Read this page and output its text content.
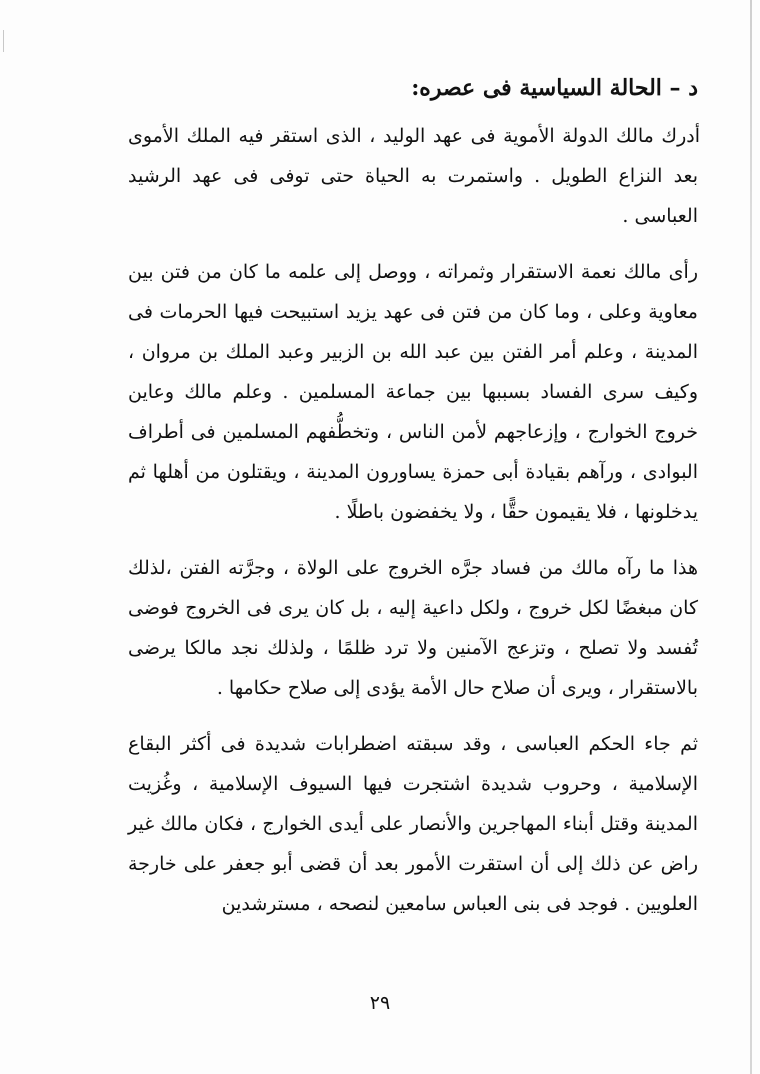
د – الحالة السياسية فى عصره:

أدرك مالك الدولة الأموية فى عهد الوليد ، الذى استقر فيه الملك الأموى بعد النزاع الطويل . واستمرت به الحياة حتى توفى فى عهد الرشيد العباسى .

رأى مالك نعمة الاستقرار وثمراته ، ووصل إلى علمه ما كان من فتن بين معاوية وعلى ، وما كان من فتن فى عهد يزيد استبيحت فيها الحرمات فى المدينة ، وعلم أمر الفتن بين عبد الله بن الزبير وعبد الملك بن مروان ، وكيف سرى الفساد بسببها بين جماعة المسلمين . وعلم مالك وعاين خروج الخوارج ، وإزعاجهم لأمن الناس ، وتخطُّفهم المسلمين فى أطراف البوادى ، ورآهم بقيادة أبى حمزة يساورون المدينة ، ويقتلون من أهلها ثم يدخلونها ، فلا يقيمون حقًّا ، ولا يخفضون باطلًا .

هذا ما رآه مالك من فساد جرَّه الخروج على الولاة ، وجرَّته الفتن ،لذلك كان مبغضًا لكل خروج ، ولكل داعية إليه ، بل كان يرى فى الخروج فوضى تُفسد ولا تصلح ، وتزعج الآمنين ولا ترد ظلمًا ، ولذلك نجد مالكا يرضى بالاستقرار ، ويرى أن صلاح حال الأمة يؤدى إلى صلاح حكامها .

ثم جاء الحكم العباسى ، وقد سبقته اضطرابات شديدة فى أكثر البقاع الإسلامية ، وحروب شديدة اشتجرت فيها السيوف الإسلامية ، وغُزيت المدينة وقتل أبناء المهاجرين والأنصار على أيدى الخوارج ، فكان مالك غير راض عن ذلك إلى أن استقرت الأمور بعد أن قضى أبو جعفر على خارجة العلويين . فوجد فى بنى العباس سامعين لنصحه ، مسترشدين

٢٩
